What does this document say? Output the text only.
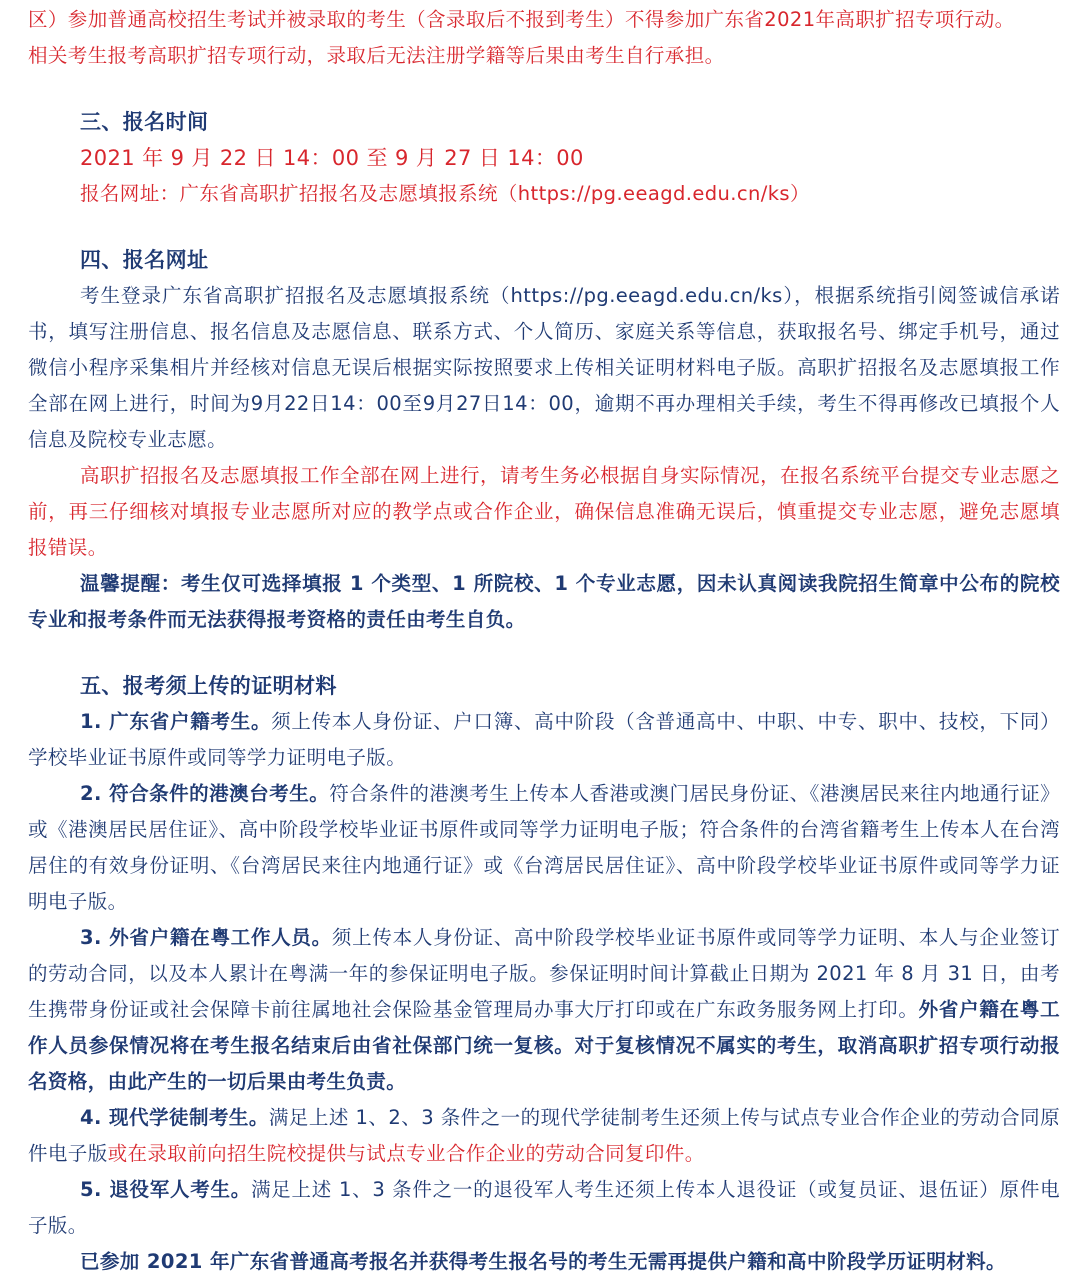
区）参加普通高校招生考试并被录取的考生（含录取后不报到考生）不得参加广东省2021年高职扩招专项行动。

相关考生报考高职扩招专项行动，录取后无法注册学籍等后果由考生自行承担。

三、报名时间

2021 年 9 月 22 日 14：00 至 9 月 27 日 14：00

报名网址：广东省高职扩招报名及志愿填报系统（https://pg.eeagd.edu.cn/ks）

四、报名网址

考生登录广东省高职扩招报名及志愿填报系统（https://pg.eeagd.edu.cn/ks），根据系统指引阅签诚信承诺书，填写注册信息、报名信息及志愿信息、联系方式、个人简历、家庭关系等信息，获取报名号、绑定手机号，通过微信小程序采集相片并经核对信息无误后根据实际按照要求上传相关证明材料电子版。高职扩招报名及志愿填报工作全部在网上进行，时间为9月22日14：00至9月27日14：00，逾期不再办理相关手续，考生不得再修改已填报个人信息及院校专业志愿。

高职扩招报名及志愿填报工作全部在网上进行，请考生务必根据自身实际情况，在报名系统平台提交专业志愿之前，再三仔细核对填报专业志愿所对应的教学点或合作企业，确保信息准确无误后，慎重提交专业志愿，避免志愿填报错误。

温馨提醒：考生仅可选择填报 1 个类型、1 所院校、1 个专业志愿，因未认真阅读我院招生简章中公布的院校专业和报考条件而无法获得报考资格的责任由考生自负。

五、报考须上传的证明材料

1. 广东省户籍考生。须上传本人身份证、户口簿、高中阶段（含普通高中、中职、中专、职中、技校，下同）学校毕业证书原件或同等学力证明电子版。

2. 符合条件的港澳台考生。符合条件的港澳考生上传本人香港或澳门居民身份证、《港澳居民来往内地通行证》或《港澳居民居住证》、高中阶段学校毕业证书原件或同等学力证明电子版；符合条件的台湾省籍考生上传本人在台湾居住的有效身份证明、《台湾居民来往内地通行证》或《台湾居民居住证》、高中阶段学校毕业证书原件或同等学力证明电子版。

3. 外省户籍在粤工作人员。须上传本人身份证、高中阶段学校毕业证书原件或同等学力证明、本人与企业签订的劳动合同，以及本人累计在粤满一年的参保证明电子版。参保证明时间计算截止日期为 2021 年 8 月 31 日，由考生携带身份证或社会保障卡前往属地社会保险基金管理局办事大厅打印或在广东政务服务网上打印。外省户籍在粤工作人员参保情况将在考生报名结束后由省社保部门统一复核。对于复核情况不属实的考生，取消高职扩招专项行动报名资格，由此产生的一切后果由考生负责。

4. 现代学徒制考生。满足上述 1、2、3 条件之一的现代学徒制考生还须上传与试点专业合作企业的劳动合同原件电子版或在录取前向招生院校提供与试点专业合作企业的劳动合同复印件。

5. 退役军人考生。满足上述 1、3 条件之一的退役军人考生还须上传本人退役证（或复员证、退伍证）原件电子版。

已参加 2021 年广东省普通高考报名并获得考生报名号的考生无需再提供户籍和高中阶段学历证明材料。
